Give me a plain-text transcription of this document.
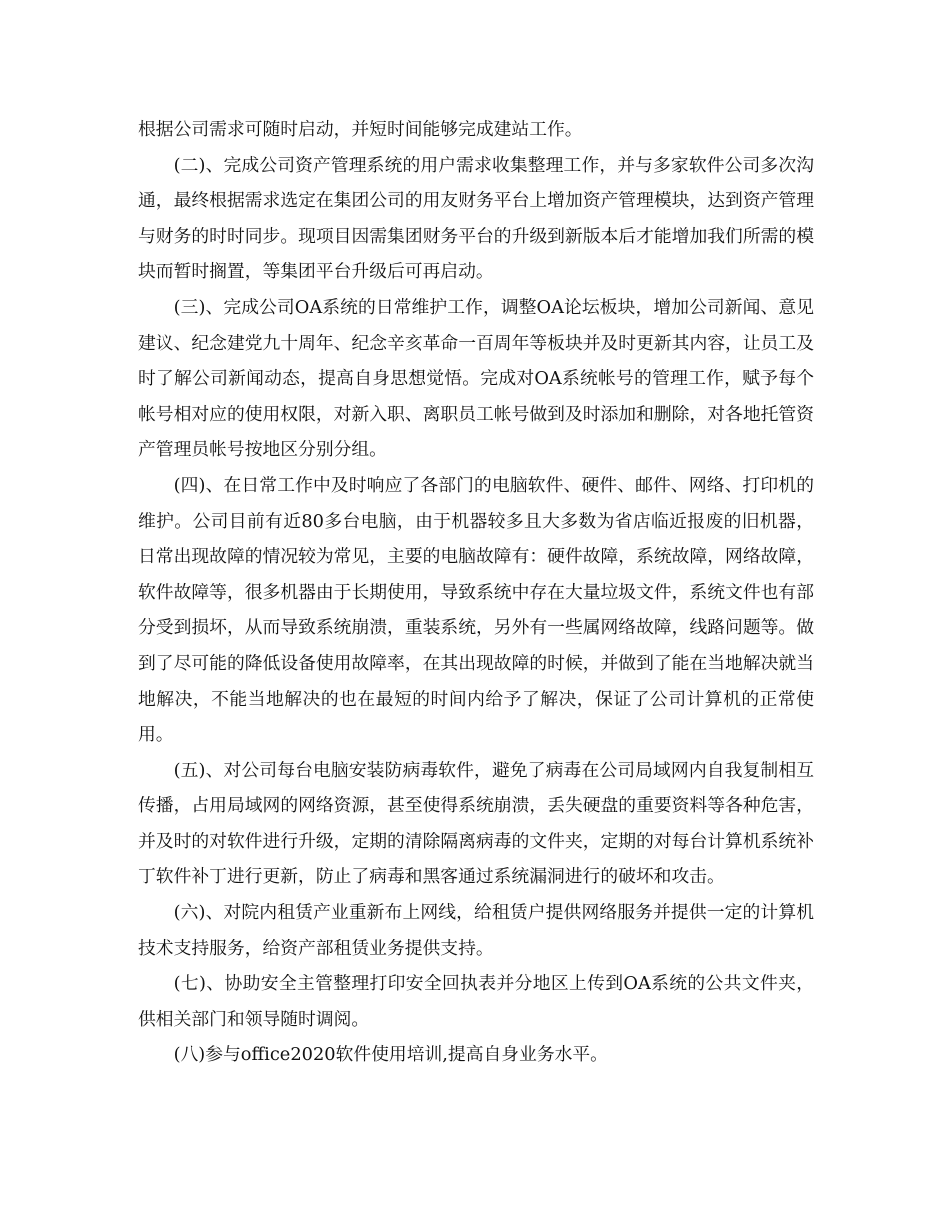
根据公司需求可随时启动，并短时间能够完成建站工作。

(二)、完成公司资产管理系统的用户需求收集整理工作，并与多家软件公司多次沟通，最终根据需求选定在集团公司的用友财务平台上增加资产管理模块，达到资产管理与财务的时时同步。现项目因需集团财务平台的升级到新版本后才能增加我们所需的模块而暂时搁置，等集团平台升级后可再启动。

(三)、完成公司OA系统的日常维护工作，调整OA论坛板块，增加公司新闻、意见建议、纪念建党九十周年、纪念辛亥革命一百周年等板块并及时更新其内容，让员工及时了解公司新闻动态，提高自身思想觉悟。完成对OA系统帐号的管理工作，赋予每个帐号相对应的使用权限，对新入职、离职员工帐号做到及时添加和删除，对各地托管资产管理员帐号按地区分别分组。

(四)、在日常工作中及时响应了各部门的电脑软件、硬件、邮件、网络、打印机的维护。公司目前有近80多台电脑，由于机器较多且大多数为省店临近报废的旧机器，日常出现故障的情况较为常见，主要的电脑故障有：硬件故障，系统故障，网络故障，软件故障等，很多机器由于长期使用，导致系统中存在大量垃圾文件，系统文件也有部分受到损坏，从而导致系统崩溃，重装系统，另外有一些属网络故障，线路问题等。做到了尽可能的降低设备使用故障率，在其出现故障的时候，并做到了能在当地解决就当地解决，不能当地解决的也在最短的时间内给予了解决，保证了公司计算机的正常使用。

(五)、对公司每台电脑安装防病毒软件，避免了病毒在公司局域网内自我复制相互传播，占用局域网的网络资源，甚至使得系统崩溃，丢失硬盘的重要资料等各种危害，并及时的对软件进行升级，定期的清除隔离病毒的文件夹，定期的对每台计算机系统补丁软件补丁进行更新，防止了病毒和黑客通过系统漏洞进行的破坏和攻击。

(六)、对院内租赁产业重新布上网线，给租赁户提供网络服务并提供一定的计算机技术支持服务，给资产部租赁业务提供支持。

(七)、协助安全主管整理打印安全回执表并分地区上传到OA系统的公共文件夹，供相关部门和领导随时调阅。

(八)参与office2020软件使用培训,提高自身业务水平。
